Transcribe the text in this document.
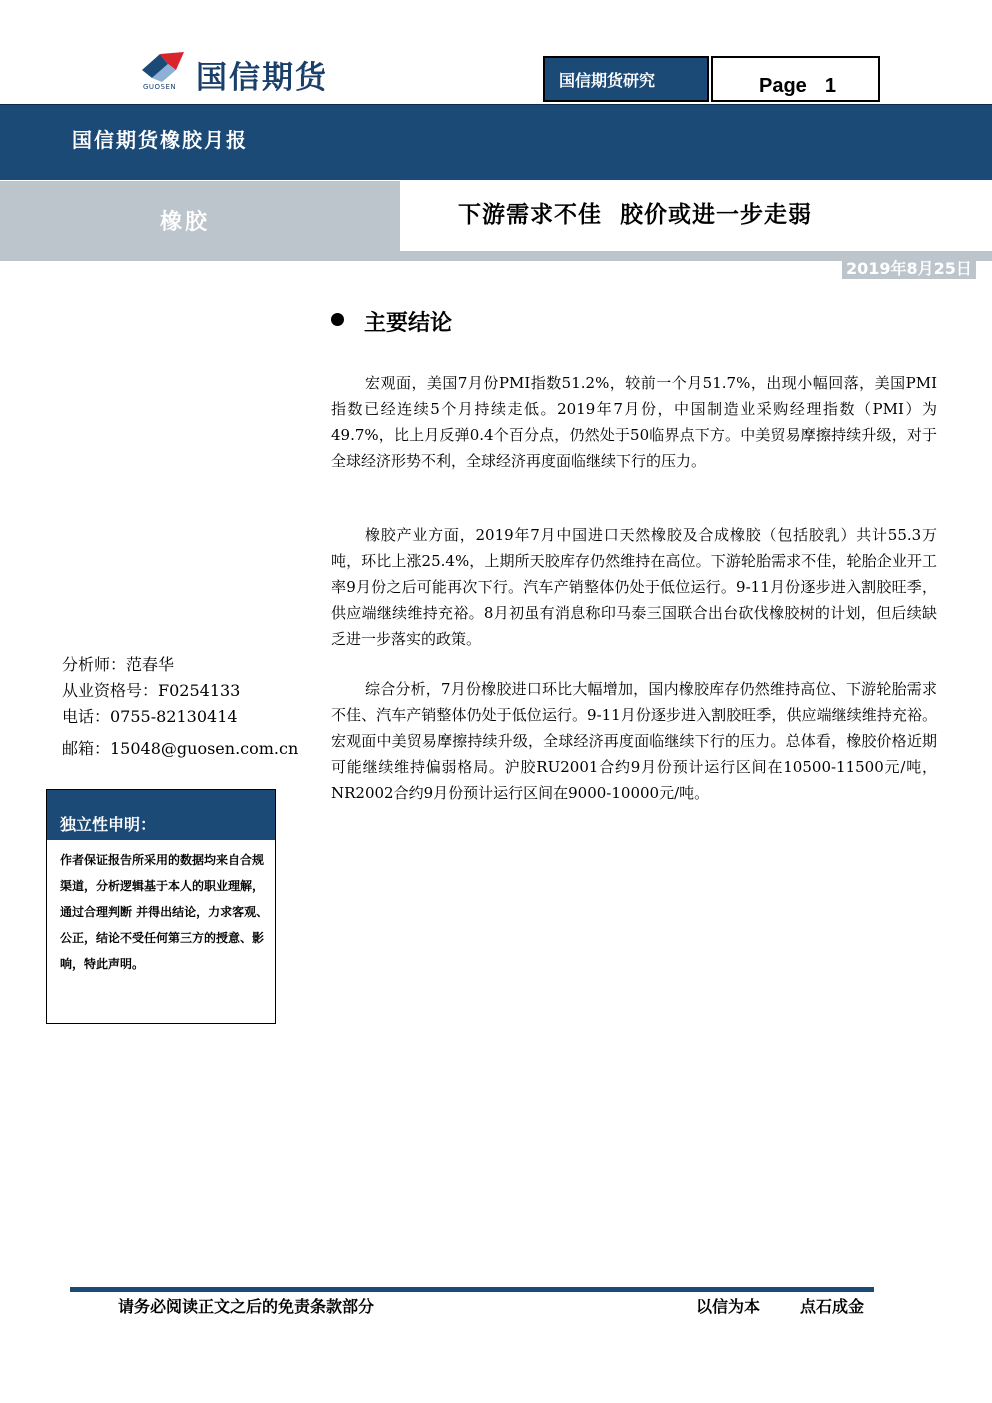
GUOSEN 国信期货	国信期货研究	Page 1
国信期货橡胶月报
橡胶	下游需求不佳  胶价或进一步走弱
2019年8月25日
主要结论

宏观面，美国7月份PMI指数51.2%，较前一个月51.7%，出现小幅回落，美国PMI指数已经连续5个月持续走低。2019年7月份，中国制造业采购经理指数（PMI）为49.7%，比上月反弹0.4个百分点，仍然处于50临界点下方。中美贸易摩擦持续升级，对于全球经济形势不利，全球经济再度面临继续下行的压力。

橡胶产业方面，2019年7月中国进口天然橡胶及合成橡胶（包括胶乳）共计55.3万吨，环比上涨25.4%，上期所天胶库存仍然维持在高位。下游轮胎需求不佳，轮胎企业开工率9月份之后可能再次下行。汽车产销整体仍处于低位运行。9-11月份逐步进入割胶旺季，供应端继续维持充裕。8月初虽有消息称印马泰三国联合出台砍伐橡胶树的计划，但后续缺乏进一步落实的政策。

综合分析，7月份橡胶进口环比大幅增加，国内橡胶库存仍然维持高位、下游轮胎需求不佳、汽车产销整体仍处于低位运行。9-11月份逐步进入割胶旺季，供应端继续维持充裕。宏观面中美贸易摩擦持续升级，全球经济再度面临继续下行的压力。总体看，橡胶价格近期可能继续维持偏弱格局。沪胶RU2001合约9月份预计运行区间在10500-11500元/吨，NR2002合约9月份预计运行区间在9000-10000元/吨。

分析师：范春华
从业资格号：F0254133
电话：0755-82130414
邮箱：15048@guosen.com.cn
独立性申明：

作者保证报告所采用的数据均来自合规渠道，分析逻辑基于本人的职业理解，通过合理判断 并得出结论，力求客观、公正，结论不受任何第三方的授意、影响，特此声明。

请务必阅读正文之后的免责条款部分	以信为本 点石成金
